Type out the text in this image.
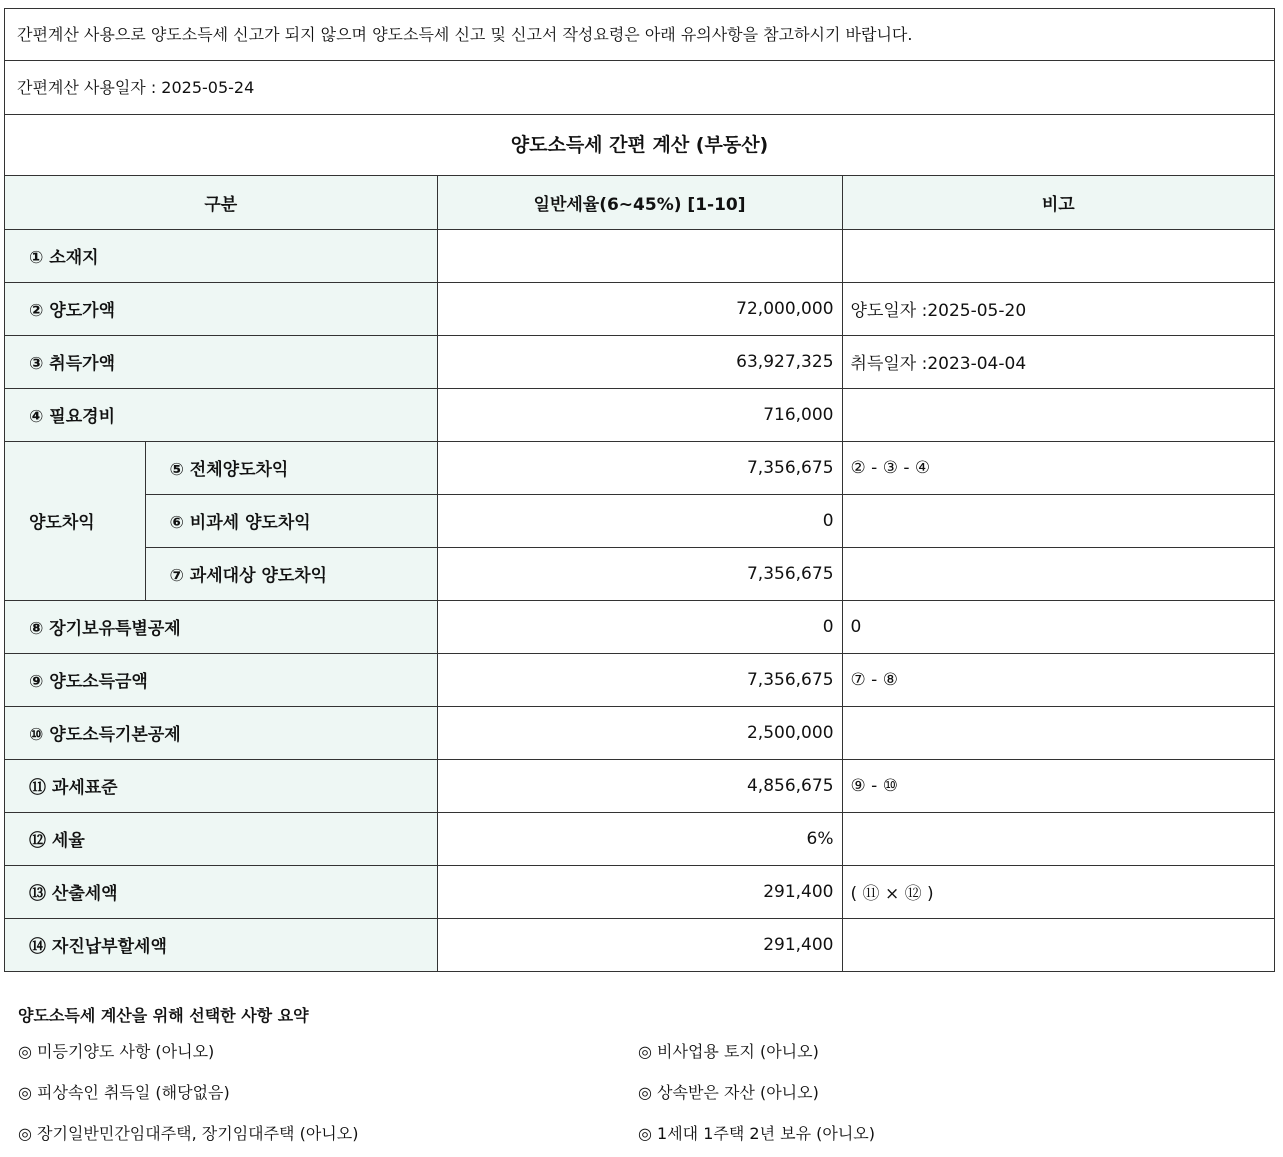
간편계산 사용으로 양도소득세 신고가 되지 않으며 양도소득세 신고 및 신고서 작성요령은 아래 유의사항을 참고하시기 바랍니다.
간편계산 사용일자 : 2025-05-24
양도소득세 간편 계산 (부동산)
구분		일반세율(6~45%) [1-10]	비고
① 소재지			
② 양도가액		72,000,000	양도일자 :2025-05-20
③ 취득가액		63,927,325	취득일자 :2023-04-04
④ 필요경비		716,000	
양도차익	⑤ 전체양도차익	7,356,675	② - ③ - ④
	⑥ 비과세 양도차익	0	
	⑦ 과세대상 양도차익	7,356,675	
⑧ 장기보유특별공제		0	0
⑨ 양도소득금액		7,356,675	⑦ - ⑧
⑩ 양도소득기본공제		2,500,000	
⑪ 과세표준		4,856,675	⑨ - ⑩
⑫ 세율		6%	
⑬ 산출세액		291,400	( ⑪ × ⑫ )
⑭ 자진납부할세액		291,400	
양도소득세 계산을 위해 선택한 사항 요약
◎ 미등기양도 사항 (아니오)	◎ 비사업용 토지 (아니오)
◎ 피상속인 취득일 (해당없음)	◎ 상속받은 자산 (아니오)
◎ 장기일반민간임대주택, 장기임대주택 (아니오)	◎ 1세대 1주택 2년 보유 (아니오)
